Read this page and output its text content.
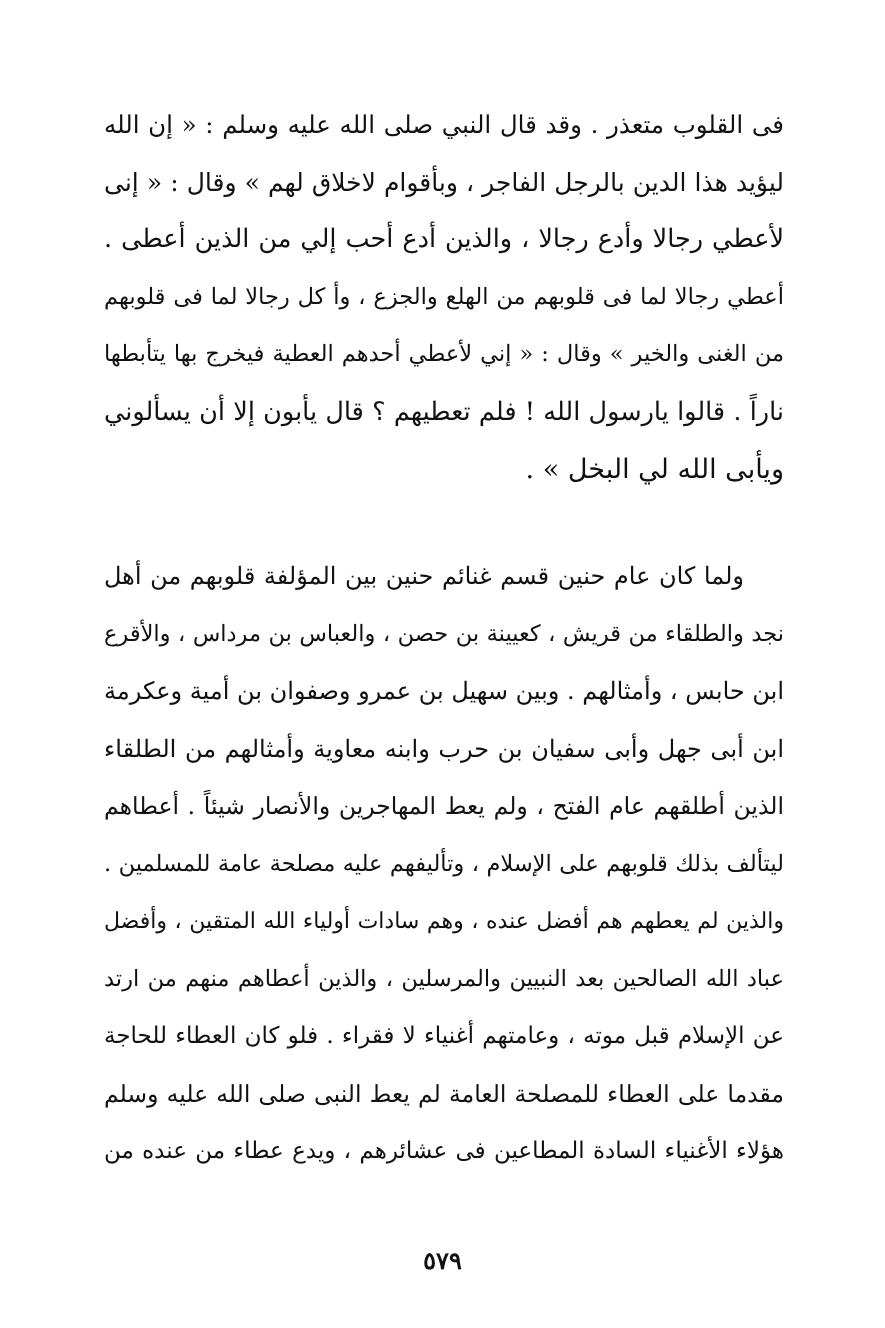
فى القلوب متعذر . وقد قال النبي صلى الله عليه وسلم : « إن الله
ليؤيد هذا الدين بالرجل الفاجر ، وبأقوام لاخلاق لهم » وقال : « إنى
لأعطي رجالا وأدع رجالا ، والذين أدع أحب إلي من الذين أعطى .
أعطي رجالا لما فى قلوبهم من الهلع والجزع ، وأ كل رجالا لما فى قلوبهم
من الغنى والخير » وقال : « إني لأعطي أحدهم العطية فيخرج بها يتأبطها
ناراً . قالوا يارسول الله ! فلم تعطيهم ؟ قال يأبون إلا أن يسألوني
ويأبى الله لي البخل » .
ولما كان عام حنين قسم غنائم حنين بين المؤلفة قلوبهم من أهل
نجد والطلقاء من قريش ، كعيينة بن حصن ، والعباس بن مرداس ، والأقرع
ابن حابس ، وأمثالهم . وبين سهيل بن عمرو وصفوان بن أمية وعكرمة
ابن أبى جهل وأبى سفيان بن حرب وابنه معاوية وأمثالهم من الطلقاء
الذين أطلقهم عام الفتح ، ولم يعط المهاجرين والأنصار شيئاً . أعطاهم
ليتألف بذلك قلوبهم على الإسلام ، وتأليفهم عليه مصلحة عامة للمسلمين .
والذين لم يعطهم هم أفضل عنده ، وهم سادات أولياء الله المتقين ، وأفضل
عباد الله الصالحين بعد النبيين والمرسلين ، والذين أعطاهم منهم من ارتد
عن الإسلام قبل موته ، وعامتهم أغنياء لا فقراء . فلو كان العطاء للحاجة
مقدما على العطاء للمصلحة العامة لم يعط النبى صلى الله عليه وسلم
هؤلاء الأغنياء السادة المطاعين فى عشائرهم ، ويدع عطاء من عنده من
٥٧٩
